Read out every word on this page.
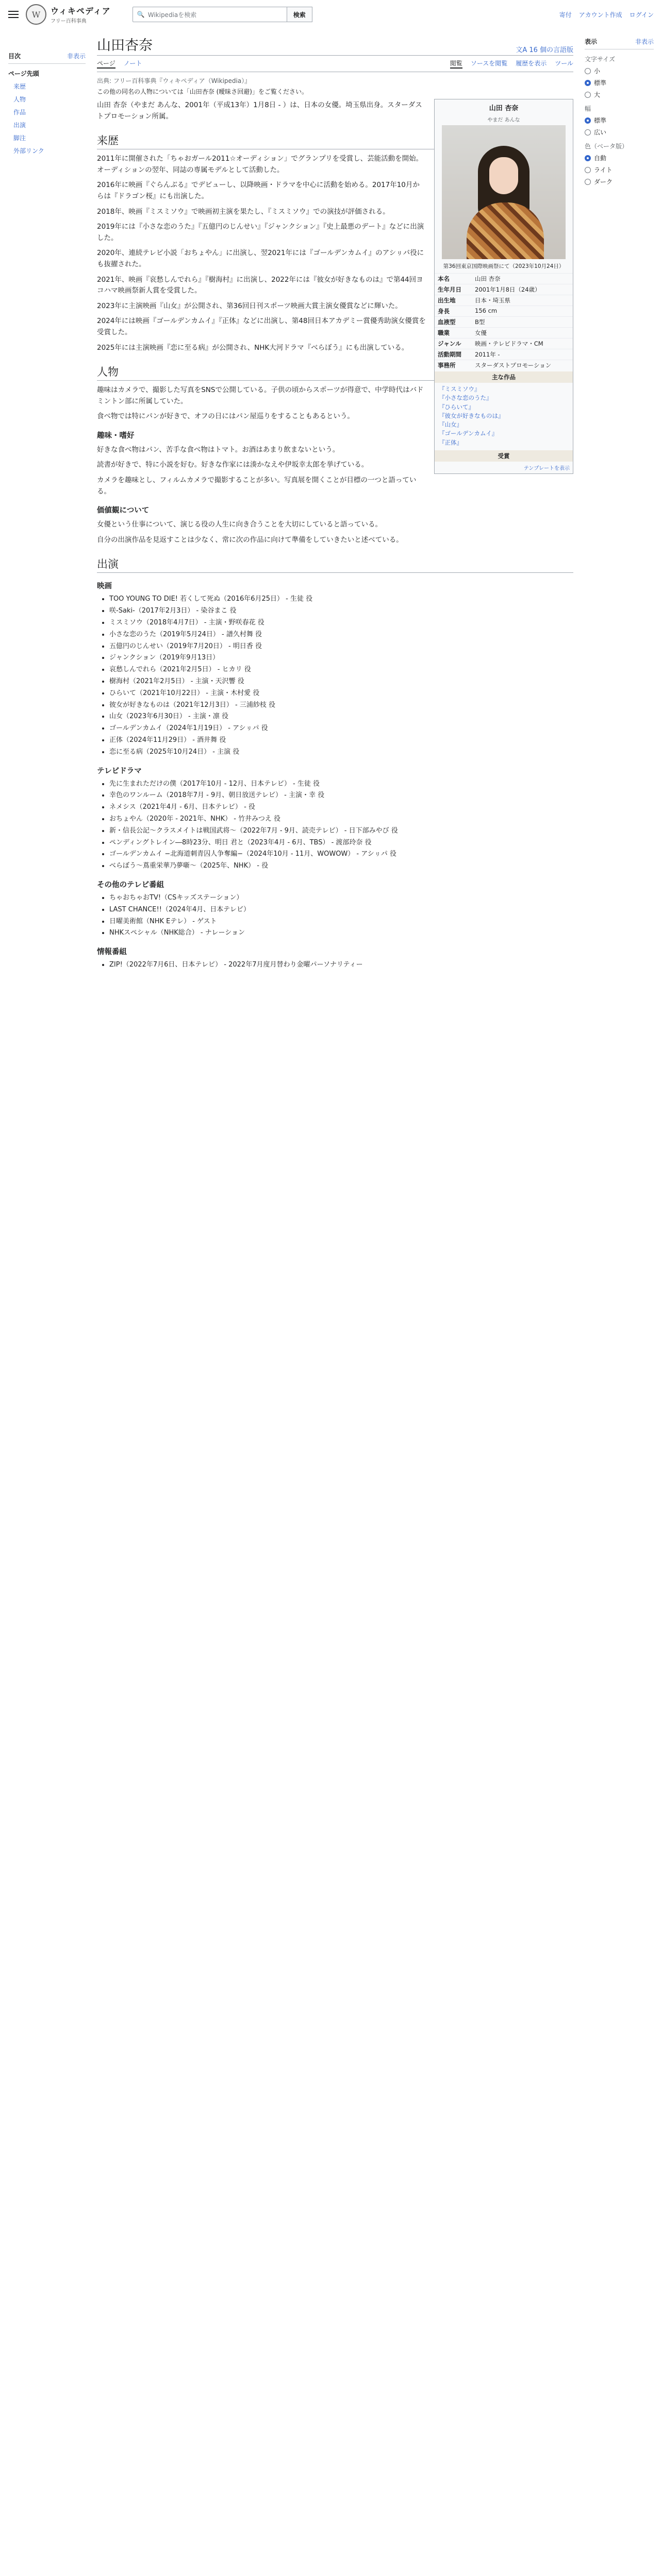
W	ウィキペディア
フリー百科事典
🔍 Wikipediaを検索	検索	寄付 アカウント作成 ログイン
目次	非表示
ページ先頭
来歴
人物
作品
出演
脚注
外部リンク
山田杏奈	文A 16 個の言語版
ページ ノート	閲覧 ソースを閲覧 履歴を表示 ツール
出典: フリー百科事典『ウィキペディア（Wikipedia）』
この他の同名の人物については「山田杏奈 (曖昧さ回避)」をご覧ください。
山田 杏奈
やまだ あんな
第36回東京国際映画祭にて（2023年10月24日）
本名	山田 杏奈
生年月日	2001年1月8日（24歳）
出生地	日本・埼玉県
身長	156 cm
血液型	B型
職業	女優
ジャンル	映画・テレビドラマ・CM
活動期間	2011年 -
事務所	スターダストプロモーション
主な作品
『ミスミソウ』
『小さな恋のうた』
『ひらいて』
『彼女が好きなものは』
『山女』
『ゴールデンカムイ』
『正体』
受賞
テンプレートを表示

山田 杏奈（やまだ あんな、2001年（平成13年）1月8日 - ）は、日本の女優。埼玉県出身。スターダストプロモーション所属。

来歴

2011年に開催された「ちゃおガール2011☆オーディション」でグランプリを受賞し、芸能活動を開始。オーディションの翌年、同誌の専属モデルとして活動した。

2016年に映画『ぐらんぶる』でデビューし、以降映画・ドラマを中心に活動を始める。2017年10月からは『ドラゴン桜』にも出演した。

2018年、映画『ミスミソウ』で映画初主演を果たし、『ミスミソウ』での演技が評価される。

2019年には『小さな恋のうた』『五億円のじんせい』『ジャンクション』『史上最悪のデート』などに出演した。

2020年、連続テレビ小説「おちょやん」に出演し、翌2021年には『ゴールデンカムイ』のアシㇼパ役にも抜擢された。

2021年、映画『哀愁しんでれら』『樹海村』に出演し、2022年には『彼女が好きなものは』で第44回ヨコハマ映画祭新人賞を受賞した。

2023年に主演映画『山女』が公開され、第36回日刊スポーツ映画大賞主演女優賞などに輝いた。

2024年には映画『ゴールデンカムイ』『正体』などに出演し、第48回日本アカデミー賞優秀助演女優賞を受賞した。

2025年には主演映画『恋に至る病』が公開され、NHK大河ドラマ『べらぼう』にも出演している。

人物

趣味はカメラで、撮影した写真をSNSで公開している。子供の頃からスポーツが得意で、中学時代はバドミントン部に所属していた。

食べ物では特にパンが好きで、オフの日にはパン屋巡りをすることもあるという。

趣味・嗜好

好きな食べ物はパン、苦手な食べ物はトマト。お酒はあまり飲まないという。

読書が好きで、特に小説を好む。好きな作家には湊かなえや伊坂幸太郎を挙げている。

カメラを趣味とし、フィルムカメラで撮影することが多い。写真展を開くことが目標の一つと語っている。

価値観について

女優という仕事について、演じる役の人生に向き合うことを大切にしていると語っている。

自分の出演作品を見返すことは少なく、常に次の作品に向けて準備をしていきたいと述べている。

出演
映画
• TOO YOUNG TO DIE! 若くして死ぬ（2016年6月25日） - 生徒 役
• 咲-Saki-（2017年2月3日） - 染谷まこ 役
• ミスミソウ（2018年4月7日） - 主演・野咲春花 役
• 小さな恋のうた（2019年5月24日） - 譜久村舞 役
• 五億円のじんせい（2019年7月20日） - 明日香 役
• ジャンクション（2019年9月13日）
• 哀愁しんでれら（2021年2月5日） - ヒカリ 役
• 樹海村（2021年2月5日） - 主演・天沢響 役
• ひらいて（2021年10月22日） - 主演・木村愛 役
• 彼女が好きなものは（2021年12月3日） - 三浦紗枝 役
• 山女（2023年6月30日） - 主演・凛 役
• ゴールデンカムイ（2024年1月19日） - アシㇼパ 役
• 正体（2024年11月29日） - 酒井舞 役
• 恋に至る病（2025年10月24日） - 主演 役
テレビドラマ
• 先に生まれただけの僕（2017年10月 - 12月、日本テレビ） - 生徒 役
• 幸色のワンルーム（2018年7月 - 9月、朝日放送テレビ） - 主演・幸 役
• ネメシス（2021年4月 - 6月、日本テレビ） - 役
• おちょやん（2020年 - 2021年、NHK） - 竹井みつえ 役
• 新・信長公記〜クラスメイトは戦国武将〜（2022年7月 - 9月、読売テレビ） - 日下部みやび 役
• ペンディングトレイン―8時23分、明日 君と（2023年4月 - 6月、TBS） - 渡部玲奈 役
• ゴールデンカムイ −北海道刺青囚人争奪編−（2024年10月 - 11月、WOWOW） - アシㇼパ 役
• べらぼう〜蔦重栄華乃夢噺〜（2025年、NHK） - 役
その他のテレビ番組
• ちゃおちゃおTV!（CSキッズステーション）
• LAST CHANCE!!（2024年4月、日本テレビ）
• 日曜美術館（NHK Eテレ） - ゲスト
• NHKスペシャル（NHK総合） - ナレーション
情報番組
• ZIP!（2022年7月6日、日本テレビ） - 2022年7月度月替わり金曜パーソナリティー
表示	非表示
文字サイズ
小
標準
大
幅
標準
広い
色（ベータ版）
自動
ライト
ダーク
